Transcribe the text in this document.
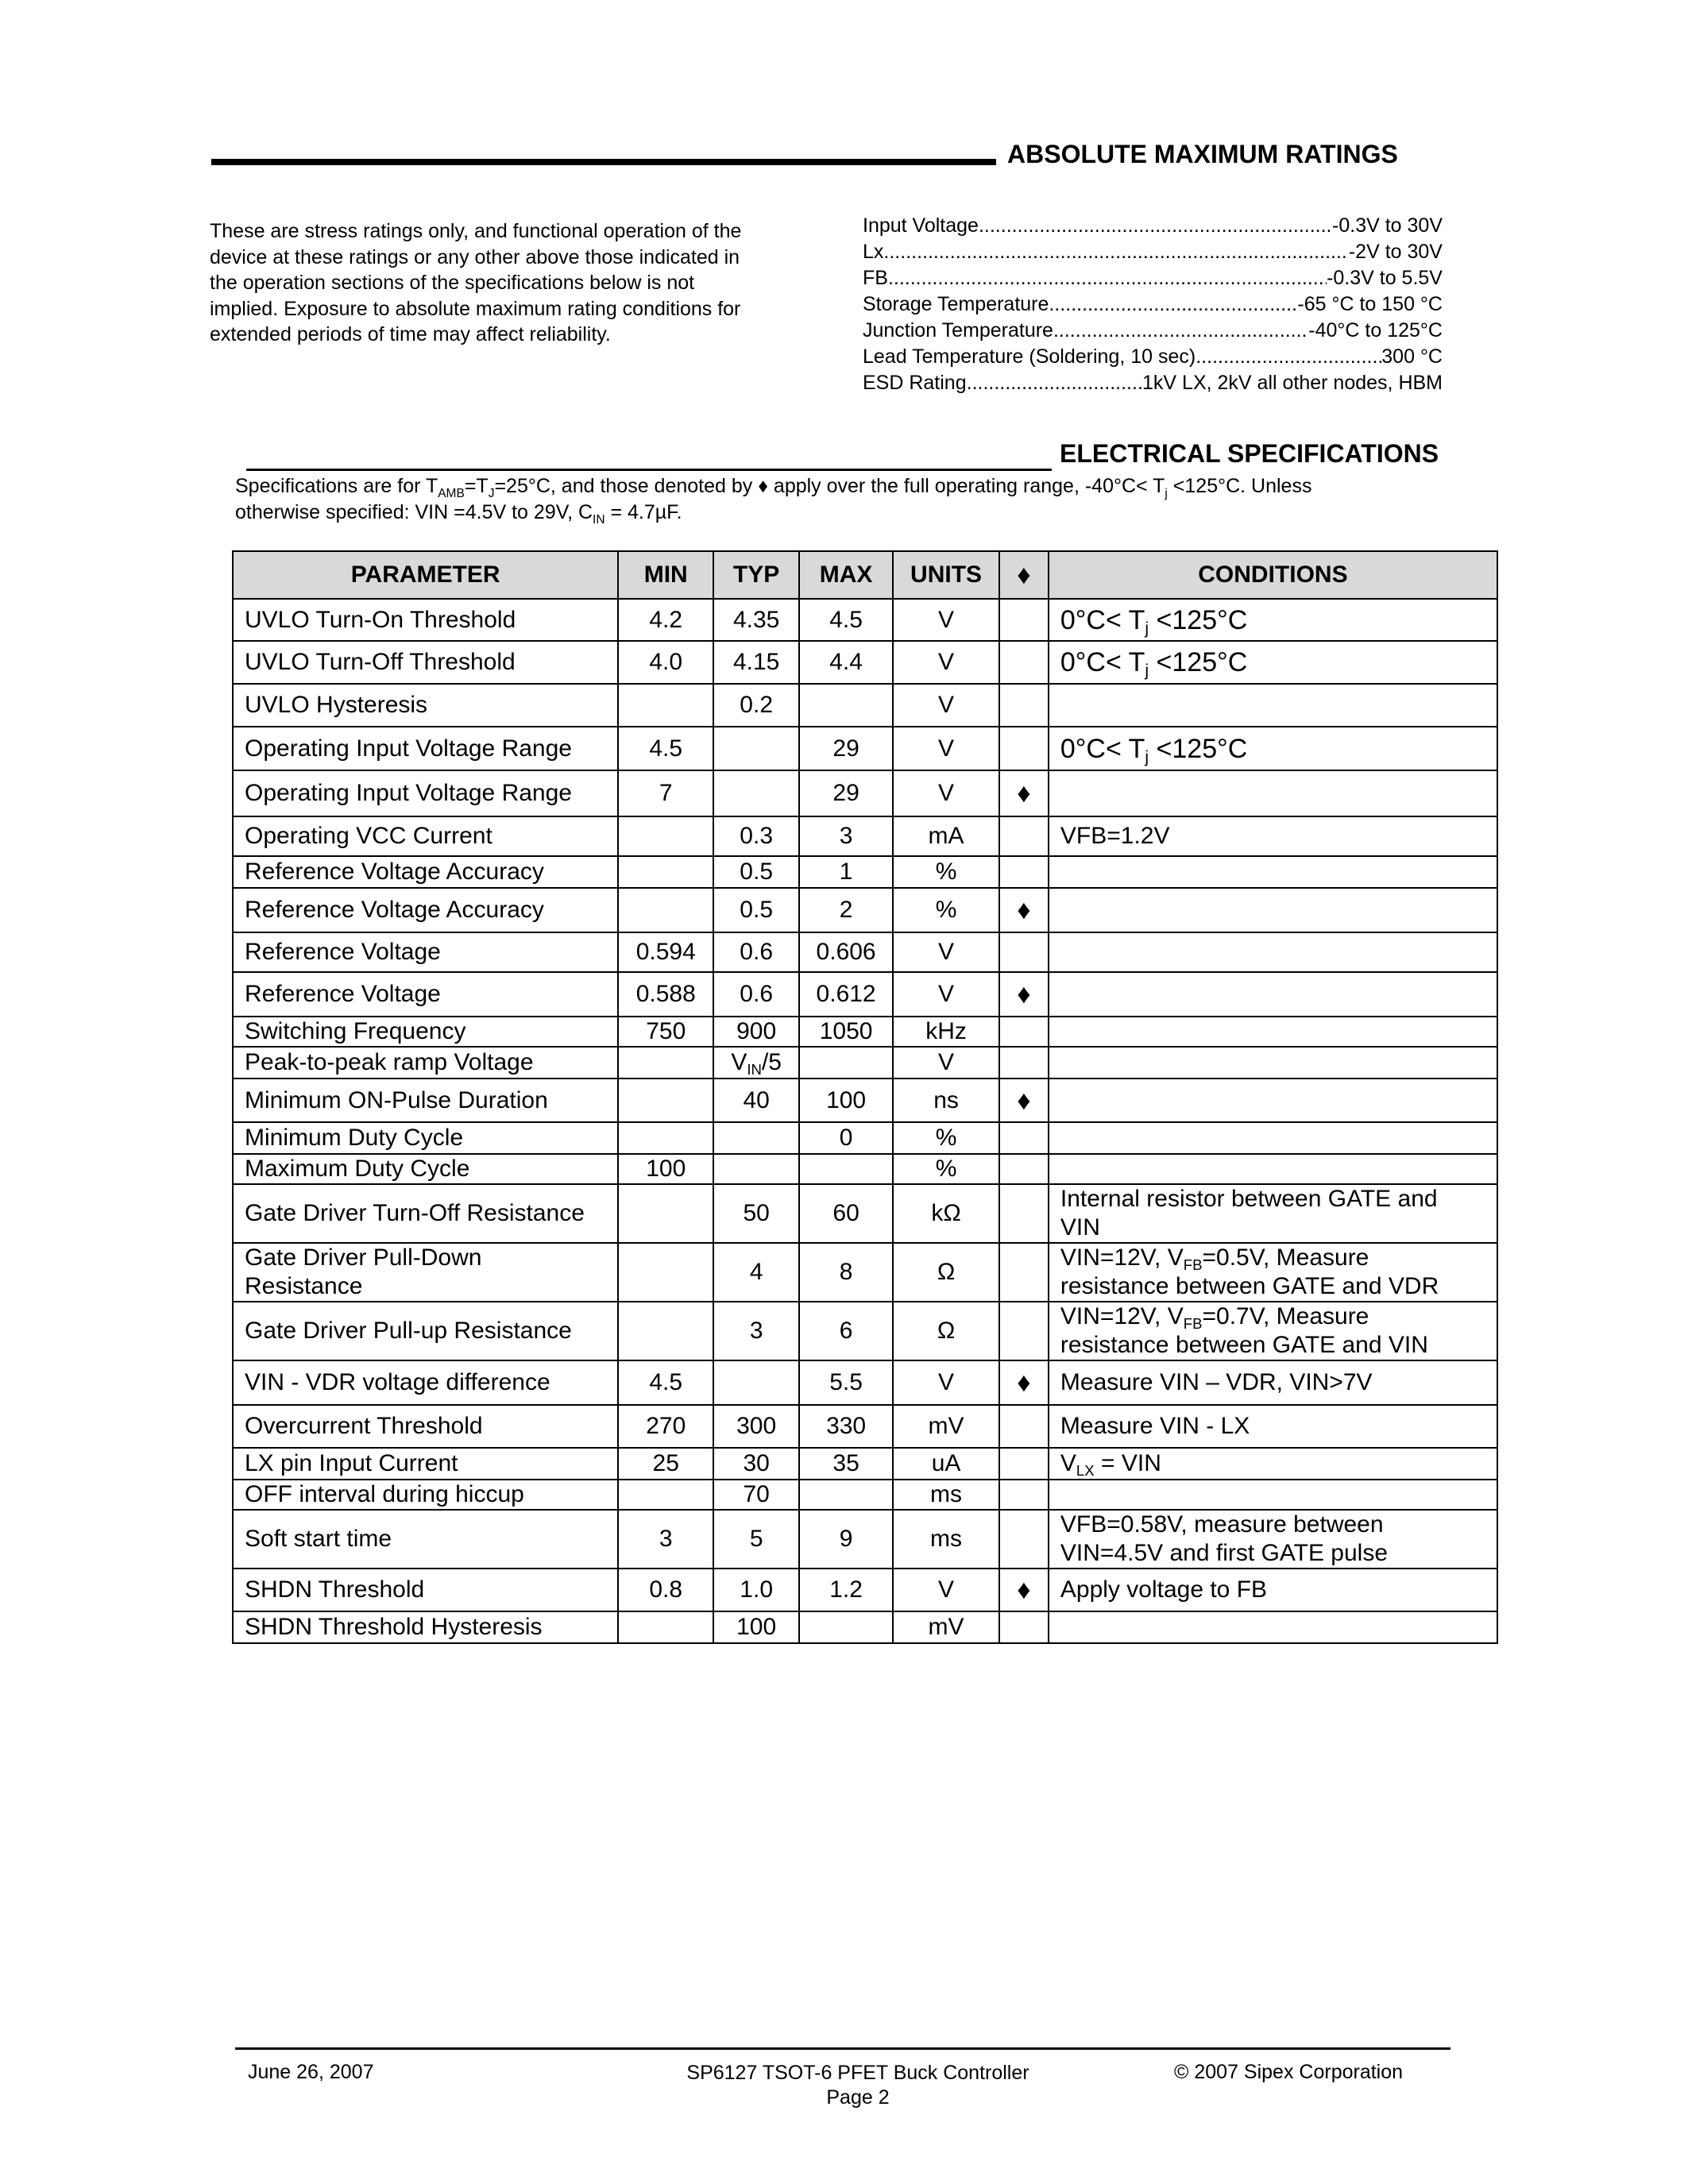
ABSOLUTE MAXIMUM RATINGS
These are stress ratings only, and functional operation of the
device at these ratings or any other above those indicated in
the operation sections of the specifications below is not
implied. Exposure to absolute maximum rating conditions for
extended periods of time may affect reliability.
Input Voltage .....	-0.3V to 30V
Lx .....	-2V to 30V
FB .....	-0.3V to 5.5V
Storage Temperature .....	-65 °C to 150 °C
Junction Temperature .....	-40°C to 125°C
Lead Temperature (Soldering, 10 sec) .....	300 °C
ESD Rating .....	1kV LX, 2kV all other nodes, HBM
ELECTRICAL SPECIFICATIONS
Specifications are for $T_{AMB}=T_J=25^\circ C$, and those denoted by ♦ apply over the full operating range, $-40^\circ C< T_j <125^\circ C$. Unless
otherwise specified: VIN =4.5V to 29V, $C_{IN} = 4.7\mu F$.
PARAMETER	MIN	TYP	MAX	UNITS	♦	CONDITIONS
UVLO Turn-On Threshold	4.2	4.35	4.5	V		$0^\circ C< T_j <125^\circ C$
UVLO Turn-Off Threshold	4.0	4.15	4.4	V		$0^\circ C< T_j <125^\circ C$
UVLO Hysteresis		0.2		V		
Operating Input Voltage Range	4.5		29	V		$0^\circ C< T_j <125^\circ C$
Operating Input Voltage Range	7		29	V	♦	
Operating VCC Current		0.3	3	mA		VFB=1.2V
Reference Voltage Accuracy		0.5	1	%		
Reference Voltage Accuracy		0.5	2	%	♦	
Reference Voltage	0.594	0.6	0.606	V		
Reference Voltage	0.588	0.6	0.612	V	♦	
Switching Frequency	750	900	1050	kHz		
Peak-to-peak ramp Voltage		$V_{IN}/5$		V		
Minimum ON-Pulse Duration		40	100	ns	♦	
Minimum Duty Cycle			0	%		
Maximum Duty Cycle	100			%		
Gate Driver Turn-Off Resistance		50	60	kΩ		Internal resistor between GATE and
VIN
Gate Driver Pull-Down
Resistance		4	8	Ω		VIN=12V, $V_{FB}=0.5V$, Measure
resistance between GATE and VDR
Gate Driver Pull-up Resistance		3	6	Ω		VIN=12V, $V_{FB}=0.7V$, Measure
resistance between GATE and VIN
VIN - VDR voltage difference	4.5		5.5	V	♦	Measure VIN – VDR, VIN>7V
Overcurrent Threshold	270	300	330	mV		Measure VIN - LX
LX pin Input Current	25	30	35	uA		$V_{LX}$ = VIN
OFF interval during hiccup		70		ms		
Soft start time	3	5	9	ms		VFB=0.58V, measure between
VIN=4.5V and first GATE pulse
SHDN Threshold	0.8	1.0	1.2	V	♦	Apply voltage to FB
SHDN Threshold Hysteresis		100		mV		
June 26, 2007	SP6127 TSOT-6 PFET Buck Controller
Page 2
© 2007 Sipex Corporation
